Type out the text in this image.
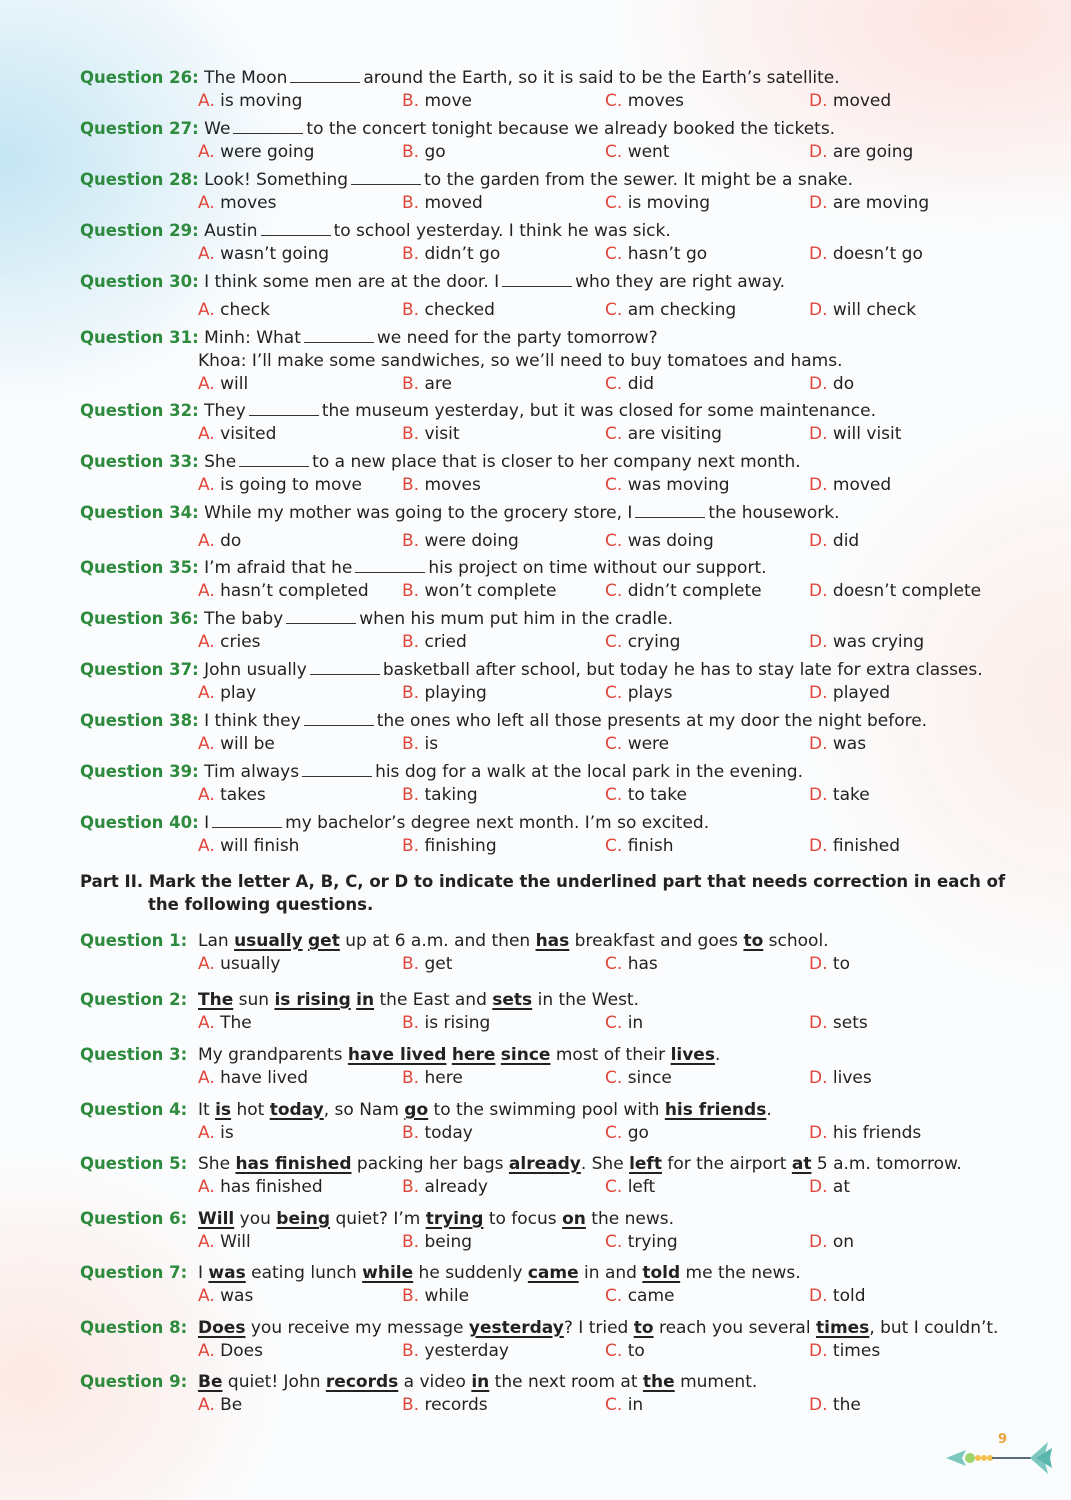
Question 26: The Moon	around the Earth, so it is said to be the Earth’s satellite.
A. is moving	B. move	C. moves	D. moved
Question 27: We	to the concert tonight because we already booked the tickets.
A. were going	B. go	C. went	D. are going
Question 28: Look! Something	to the garden from the sewer. It might be a snake.
A. moves	B. moved	C. is moving	D. are moving
Question 29: Austin	to school yesterday. I think he was sick.
A. wasn’t going	B. didn’t go	C. hasn’t go	D. doesn’t go
Question 30: I think some men are at the door. I	who they are right away.
A. check	B. checked	C. am checking	D. will check
Question 31: Minh: What	we need for the party tomorrow?
Khoa: I’ll make some sandwiches, so we’ll need to buy tomatoes and hams.
A. will	B. are	C. did	D. do
Question 32: They	the museum yesterday, but it was closed for some maintenance.
A. visited	B. visit	C. are visiting	D. will visit
Question 33: She	to a new place that is closer to her company next month.
A. is going to move B. moves	C. was moving	D. moved
Question 34: While my mother was going to the grocery store, I	the housework.
A. do	B. were doing	C. was doing	D. did
Question 35: I’m afraid that he	his project on time without our support.
A. hasn’t completed B. won’t complete	C. didn’t complete	D. doesn’t complete
Question 36: The baby	when his mum put him in the cradle.
A. cries	B. cried	C. crying	D. was crying
Question 37: John usually	basketball after school, but today he has to stay late for extra classes.
A. play	B. playing	C. plays	D. played
Question 38: I think they	the ones who left all those presents at my door the night before.
A. will be	B. is	C. were	D. was
Question 39: Tim always	his dog for a walk at the local park in the evening.
A. takes	B. taking	C. to take	D. take
Question 40: I	my bachelor’s degree next month. I’m so excited.
A. will finish	B. finishing	C. finish	D. finished
Question 1: Lan usually get up at 6 a.m. and then has breakfast and goes to school.
A. usually	B. get	C. has	D. to
Question 2: The sun is rising in the East and sets in the West.
A. The	B. is rising	C. in	D. sets
Question 3: My grandparents have lived here since most of their lives.
A. have lived	B. here	C. since	D. lives
Question 4: It is hot today, so Nam go to the swimming pool with his friends.
A. is	B. today	C. go	D. his friends
Question 5: She has finished packing her bags already. She left for the airport at 5 a.m. tomorrow.
A. has finished	B. already	C. left	D. at
Question 6: Will you being quiet? I’m trying to focus on the news.
A. Will	B. being	C. trying	D. on
Question 7: I was eating lunch while he suddenly came in and told me the news.
A. was	B. while	C. came	D. told
Question 8: Does you receive my message yesterday? I tried to reach you several times, but I couldn’t.
A. Does	B. yesterday	C. to	D. times
Question 9: Be quiet! John records a video in the next room at the mument.
A. Be	B. records	C. in	D. the
Part II. Mark the letter A, B, C, or D to indicate the underlined part that needs correction in each of
the following questions.
9
